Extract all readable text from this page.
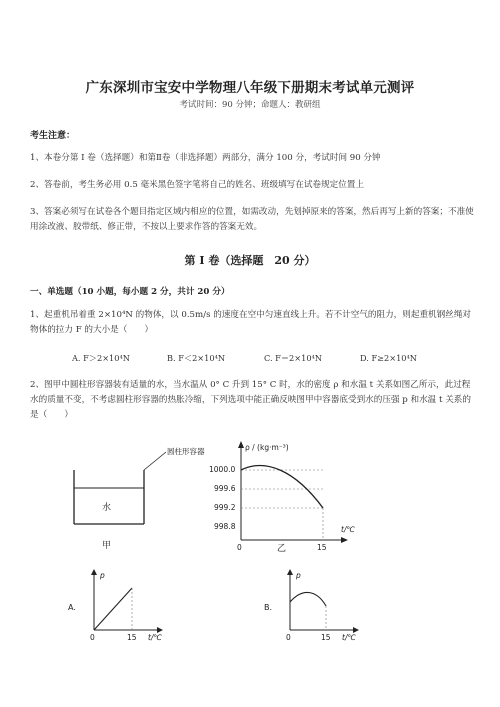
广东深圳市宝安中学物理八年级下册期末考试单元测评
考试时间：90 分钟；命题人：教研组
考生注意：
1、本卷分第 I 卷（选择题）和第Ⅱ卷（非选择题）两部分，满分 100 分，考试时间 90 分钟
2、答卷前，考生务必用 0.5 毫米黑色签字笔将自己的姓名、班级填写在试卷规定位置上
3、答案必须写在试卷各个题目指定区域内相应的位置，如需改动，先划掉原来的答案，然后再写上新的答案；不准使用涂改液、胶带纸、修正带，不按以上要求作答的答案无效。
第 I 卷（选择题　20 分）
一、单选题（10 小题，每小题 2 分，共计 20 分）
1、起重机吊着重 2×10⁴N 的物体，以 0.5m/s 的速度在空中匀速直线上升。若不计空气的阻力，则起重机钢丝绳对物体的拉力 F 的大小是（　　）
A. F＞2×10⁴N	B. F＜2×10⁴N	C. F＝2×10⁴N	D. F≥2×10⁴N
2、图甲中圆柱形容器装有适量的水，当水温从 0° C 升到 15° C 时，水的密度 ρ 和水温 t 关系如图乙所示，此过程水的质量不变，不考虑圆柱形容器的热胀冷缩，下列选项中能正确反映图甲中容器底受到水的压强 p 和水温 t 关系的是（　　）
圆柱形容器
水
甲
ρ / (kg·m⁻³)
1000.0
999.6
999.2
998.8
0	15
t/℃
乙
A.
p
0	15 t/℃
B.
p
0	15 t/℃
